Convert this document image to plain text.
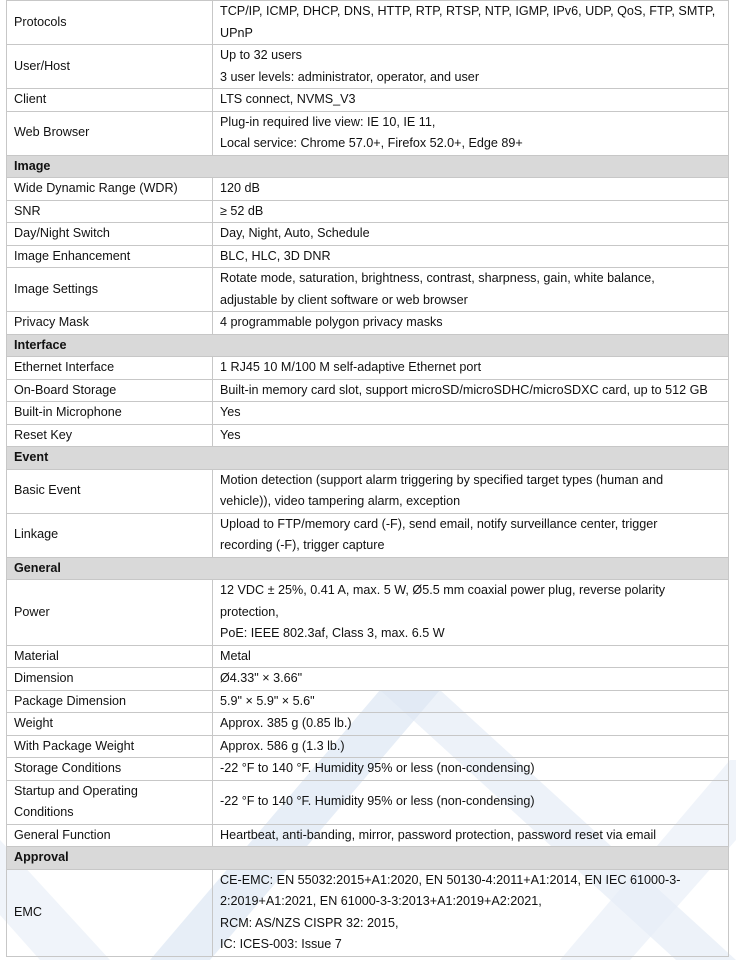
Protocols	TCP/IP, ICMP, DHCP, DNS, HTTP, RTP, RTSP, NTP, IGMP, IPv6, UDP, QoS, FTP, SMTP,
UPnP

User/Host	Up to 32 users
3 user levels: administrator, operator, and user

Client	LTS connect, NVMS_V3

Web Browser	Plug-in required live view: IE 10, IE 11,
Local service: Chrome 57.0+, Firefox 52.0+, Edge 89+

Image	
Wide Dynamic Range (WDR)	120 dB

SNR	≥ 52 dB

Day/Night Switch	Day, Night, Auto, Schedule

Image Enhancement	BLC, HLC, 3D DNR

Image Settings	Rotate mode, saturation, brightness, contrast, sharpness, gain, white balance,
adjustable by client software or web browser

Privacy Mask	4 programmable polygon privacy masks

Interface	
Ethernet Interface	1 RJ45 10 M/100 M self-adaptive Ethernet port

On-Board Storage	Built-in memory card slot, support microSD/microSDHC/microSDXC card, up to 512 GB

Built-in Microphone	Yes

Reset Key	Yes

Event	
Basic Event	Motion detection (support alarm triggering by specified target types (human and
vehicle)), video tampering alarm, exception

Linkage	Upload to FTP/memory card (-F), send email, notify surveillance center, trigger
recording (-F), trigger capture

General	
Power	12 VDC ± 25%, 0.41 A, max. 5 W, Ø5.5 mm coaxial power plug, reverse polarity
protection,
PoE: IEEE 802.3af, Class 3, max. 6.5 W

Material	Metal

Dimension	Ø4.33" × 3.66"

Package Dimension	5.9" × 5.9" × 5.6"

Weight	Approx. 385 g (0.85 lb.)

With Package Weight	Approx. 586 g (1.3 lb.)

Storage Conditions	-22 °F to 140 °F. Humidity 95% or less (non-condensing)

Startup and Operating
Conditions	-22 °F to 140 °F. Humidity 95% or less (non-condensing)

General Function	Heartbeat, anti-banding, mirror, password protection, password reset via email

Approval	
EMC	CE-EMC: EN 55032:2015+A1:2020, EN 50130-4:2011+A1:2014, EN IEC 61000-3-
2:2019+A1:2021, EN 61000-3-3:2013+A1:2019+A2:2021,
RCM: AS/NZS CISPR 32: 2015,
IC: ICES-003: Issue 7
